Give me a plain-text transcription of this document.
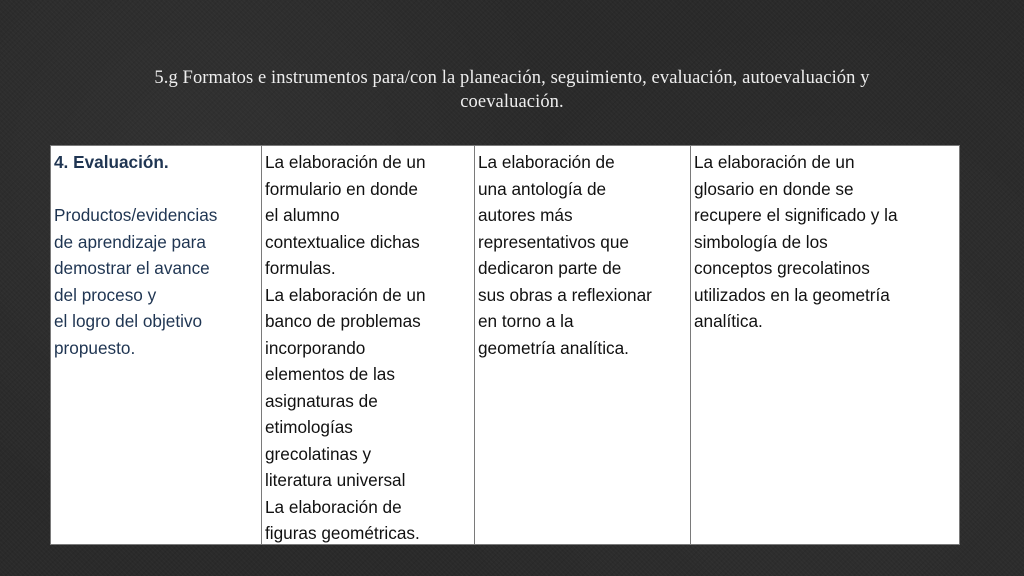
5.g Formatos e instrumentos para/con la planeación, seguimiento, evaluación, autoevaluación y
coevaluación.
4. Evaluación.
Productos/evidencias
de aprendizaje para
demostrar el avance
del proceso y
el logro del objetivo
propuesto.
La elaboración de un
formulario en donde
el alumno
contextualice dichas
formulas.
La elaboración de un
banco de problemas
incorporando
elementos de las
asignaturas de
etimologías
grecolatinas y
literatura universal
La elaboración de
figuras geométricas.
La elaboración de
una antología de
autores más
representativos que
dedicaron parte de
sus obras a reflexionar
en torno a la
geometría analítica.
La elaboración de un
glosario en donde se
recupere el significado y la
simbología de los
conceptos grecolatinos
utilizados en la geometría
analítica.
